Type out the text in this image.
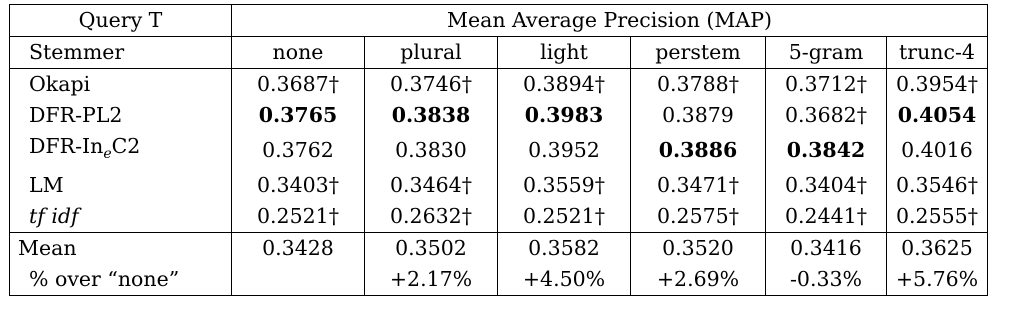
Query T	Mean Average Precision (MAP)					
Stemmer	none	plural	light	perstem	5-gram	trunc-4
Okapi	0.3687†	0.3746†	0.3894†	0.3788†	0.3712†	0.3954†
DFR-PL2	0.3765	0.3838	0.3983	0.3879	0.3682†	0.4054
DFR-$In_eC2$	0.3762	0.3830	0.3952	0.3886	0.3842	0.4016
LM	0.3403†	0.3464†	0.3559†	0.3471†	0.3404†	0.3546†
tf idf	0.2521†	0.2632†	0.2521†	0.2575†	0.2441†	0.2555†
Mean	0.3428	0.3502	0.3582	0.3520	0.3416	0.3625
% over “none”		+2.17%	+4.50%	+2.69%	-0.33%	+5.76%
